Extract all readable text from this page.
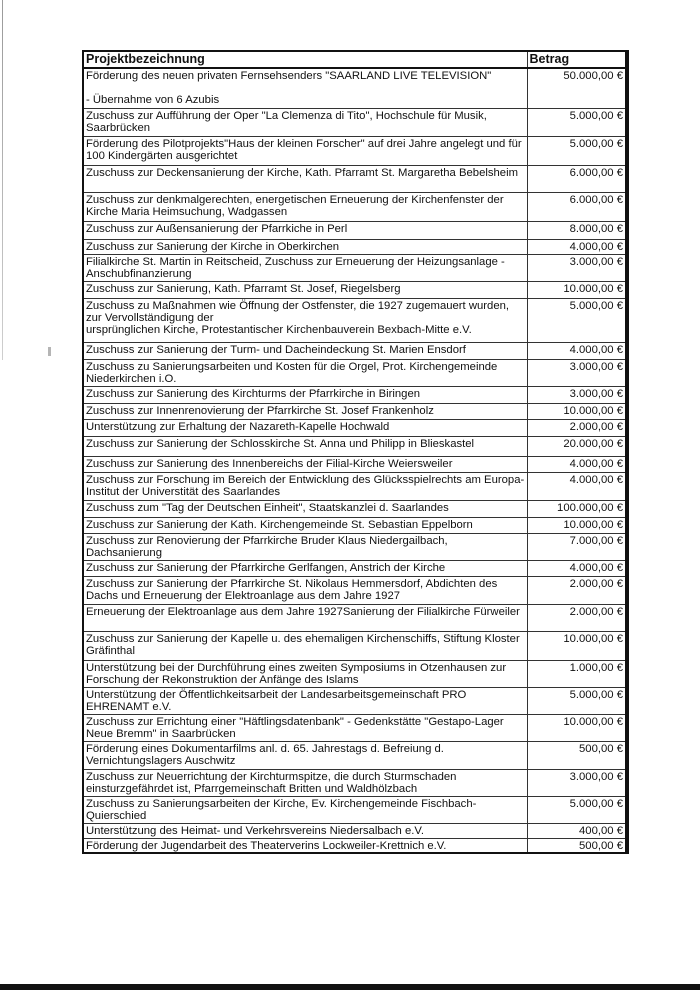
Projektbezeichnung	Betrag
Förderung des neuen privaten Fernsehsenders "SAARLAND LIVE TELEVISION"

- Übernahme von 6 Azubis	50.000,00 €
Zuschuss zur Aufführung der Oper "La Clemenza di Tito", Hochschule für Musik, Saarbrücken	5.000,00 €
Förderung des Pilotprojekts"Haus der kleinen Forscher" auf drei Jahre angelegt und für 100 Kindergärten ausgerichtet	5.000,00 €
Zuschuss zur Deckensanierung der Kirche, Kath. Pfarramt St. Margaretha Bebelsheim	6.000,00 €
Zuschuss zur denkmalgerechten, energetischen Erneuerung der Kirchenfenster der Kirche Maria Heimsuchung, Wadgassen	6.000,00 €
Zuschuss zur Außensanierung der Pfarrkiche in Perl	8.000,00 €
Zuschuss zur Sanierung der Kirche in Oberkirchen	4.000,00 €
Filialkirche St. Martin in Reitscheid, Zuschuss zur Erneuerung der Heizungsanlage - Anschubfinanzierung	3.000,00 €
Zuschuss zur Sanierung, Kath. Pfarramt St. Josef, Riegelsberg	10.000,00 €
Zuschuss zu Maßnahmen wie Öffnung der Ostfenster, die 1927 zugemauert wurden, zur Vervollständigung der
ursprünglichen Kirche, Protestantischer Kirchenbauverein Bexbach-Mitte e.V.	5.000,00 €
Zuschuss zur Sanierung der Turm- und Dacheindeckung St. Marien Ensdorf	4.000,00 €
Zuschuss zu Sanierungsarbeiten und Kosten für die Orgel, Prot. Kirchengemeinde Niederkirchen i.O.	3.000,00 €
Zuschuss zur Sanierung des Kirchturms der Pfarrkirche in Biringen	3.000,00 €
Zuschuss zur Innenrenovierung der Pfarrkirche St. Josef Frankenholz	10.000,00 €
Unterstützung zur Erhaltung der Nazareth-Kapelle Hochwald	2.000,00 €
Zuschuss zur Sanierung der Schlosskirche St. Anna und Philipp in Blieskastel	20.000,00 €
Zuschuss zur Sanierung des Innenbereichs der Filial-Kirche Weiersweiler	4.000,00 €
Zuschuss zur Forschung im Bereich der Entwicklung des Glücksspielrechts am Europa-Institut der Universtität des Saarlandes	4.000,00 €
Zuschuss zum "Tag der Deutschen Einheit", Staatskanzlei d. Saarlandes	100.000,00 €
Zuschuss zur Sanierung der Kath. Kirchengemeinde St. Sebastian Eppelborn	10.000,00 €
Zuschuss zur Renovierung der Pfarrkirche Bruder Klaus Niedergailbach, Dachsanierung	7.000,00 €
Zuschuss zur Sanierung der Pfarrkirche Gerlfangen, Anstrich der Kirche	4.000,00 €
Zuschuss zur Sanierung der Pfarrkirche St. Nikolaus Hemmersdorf, Abdichten des Dachs und Erneuerung der Elektroanlage aus dem Jahre 1927	2.000,00 €
Erneuerung der Elektroanlage aus dem Jahre 1927Sanierung der Filialkirche Fürweiler	2.000,00 €
Zuschuss zur Sanierung der Kapelle u. des ehemaligen Kirchenschiffs, Stiftung Kloster Gräfinthal	10.000,00 €
Unterstützung bei der Durchführung eines zweiten Symposiums in Otzenhausen zur Forschung der Rekonstruktion der Anfänge des Islams	1.000,00 €
Unterstützung der Öffentlichkeitsarbeit der Landesarbeitsgemeinschaft PRO EHRENAMT e.V.	5.000,00 €
Zuschuss zur Errichtung einer "Häftlingsdatenbank" - Gedenkstätte "Gestapo-Lager Neue Bremm" in Saarbrücken	10.000,00 €
Förderung eines Dokumentarfilms anl. d. 65. Jahrestags d. Befreiung d. Vernichtungslagers Auschwitz	500,00 €
Zuschuss zur Neuerrichtung der Kirchturmspitze, die durch Sturmschaden einsturzgefährdet ist, Pfarrgemeinschaft Britten und Waldhölzbach	3.000,00 €
Zuschuss zu Sanierungsarbeiten der Kirche, Ev. Kirchengemeinde Fischbach-Quierschied	5.000,00 €
Unterstützung des Heimat- und Verkehrsvereins Niedersalbach e.V.	400,00 €
Förderung der Jugendarbeit des Theaterverins Lockweiler-Krettnich e.V.	500,00 €
